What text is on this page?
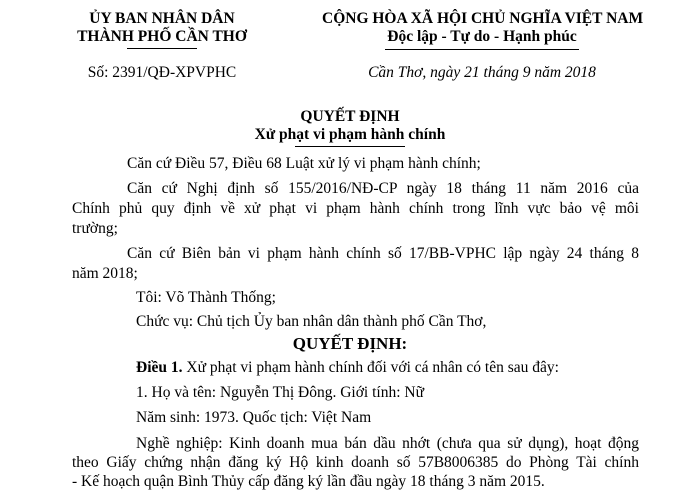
ỦY BAN NHÂN DÂN
THÀNH PHỐ CẦN THƠ
Số: 2391/QĐ-XPVPHC
CỘNG HÒA XÃ HỘI CHỦ NGHĨA VIỆT NAM
Độc lập - Tự do - Hạnh phúc
Cần Thơ, ngày 21 tháng 9 năm 2018
QUYẾT ĐỊNH
Xử phạt vi phạm hành chính
Căn cứ Điều 57, Điều 68 Luật xử lý vi phạm hành chính;
Căn cứ Nghị định số 155/2016/NĐ-CP ngày 18 tháng 11 năm 2016 của
Chính phủ quy định về xử phạt vi phạm hành chính trong lĩnh vực bảo vệ môi
trường;
Căn cứ Biên bản vi phạm hành chính số 17/BB-VPHC lập ngày 24 tháng 8
năm 2018;
Tôi: Võ Thành Thống;
Chức vụ: Chủ tịch Ủy ban nhân dân thành phố Cần Thơ,
QUYẾT ĐỊNH:
Điều 1. Xử phạt vi phạm hành chính đối với cá nhân có tên sau đây:
1. Họ và tên: Nguyễn Thị Đông. Giới tính: Nữ
Năm sinh: 1973. Quốc tịch: Việt Nam
Nghề nghiệp: Kinh doanh mua bán dầu nhớt (chưa qua sử dụng), hoạt động
theo Giấy chứng nhận đăng ký Hộ kinh doanh số 57B8006385 do Phòng Tài chính
- Kế hoạch quận Bình Thủy cấp đăng ký lần đầu ngày 18 tháng 3 năm 2015.
